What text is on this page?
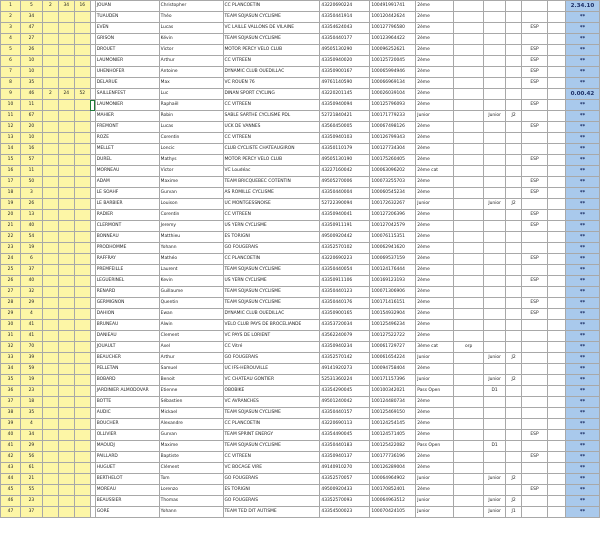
1	5	2	34	16		JOUAN	Christopher	CC PLANCOETIN	43220690224	100491991741	2ème						2.34.10
2	34					TUAUDEN	Théo	TEAM SOJASUN CYCLISME	43350441914	100120442624	2ème						**
3	47					EVEN	Lucas	VC LAILLE VALLONS DE VILAINE	43354624043	100127796580	2ème				ESP		**
4	27					GRISON	Kévin	TEAM SOJASUN CYCLISME	43350440177	100123964422	2ème						**
5	26					DROUET	Victor	MOTOR PERCY VELO CLUB	49505130290	100096252621	2ème				ESP		**
6	10					LAUMONIER	Arthur	CC VITREEN	43350940020	100125720045	2ème				ESP		**
7	10					UHENHOFER	Antoine	DYNAMIC CLUB OUEDILLAC	43350900167	100065994946	2ème				ESP		**
8	35					DELARUE	Max	VC ROUEN 76	49761140590	100066969134	2ème				ESP		**
9	46	2	24	52		SAILLENFEST	Luc	DINAN SPORT CYCLING	43220201145	100026039104	2ème						0.00.42
10	11					LAUMONIER	Raphaël	CC VITREEN	43350940094	100125796093	2ème				ESP		**
11	67					MAHIER	Robin	SABLE SARTHE CYCLISME PDL	52721840421	100171779233	Junior		Junior	J2			**
12	20					FREMONT	Lucas	UCK DE VANNES	43560450005	100067498126	2ème				ESP		**
13	10					ROZE	Corentin	CC VITREEN	43350940103	100126799343	2ème						**
14	16					MELLET	Loncic	CLUB CYCLISTE CHATEAUGIRON	43350110179	100127734304	2ème						**
15	57					DUREL	Mathys	MOTOR PERCY VELO CLUB	49505130190	100175260405	2ème				ESP		**
16	11					MORNEAU	Victor	VC Loudéac	43227160042	100063096202	2ème cat						**
17	50					ADAM	Maxime	TEAM BRICQUEBEC COTENTIN	49505270006	100073255703	2ème				ESP		**
18	3					LE SOAHF	Gurvan	AS ROMILLE CYCLISME	43350440004	100060545234	2ème				ESP		**
19	26					LE BARBIER	Louison	UC MONTGESSNOISE	52722390094	100172632267	Junior		Junior	J2			**
20	13					RADIER	Corentin	CC VITREEN	43350940041	100127206396	2ème				ESP		**
21	40					CLERMONT	Jeremy	US YERN CYCLISME	43350911191	100127042579	2ème				ESP		**
22	54					BONNEAU	Matthieu	ES TORIGNI	49500920442	100076115351	2ème						**
23	19					PRODHOMME	Yohann	GO FOUGERAIS	43352570102	100062941620	2ème						**
24	6					RAFFRAY	Mathéo	CC PLANCOETIN	43220690223	100069537159	2ème				ESP		**
25	37					PREMFEILLE	Laurent	TEAM SOJASUN CYCLISME	43350440054	100124176444	2ème						**
26	40					LEGUERINEL	Kevin	US YERN CYCLISME	43350911106	100169123193	2ème				ESP		**
27	32					RENARD	Guillaume	TEAM SOJASUN CYCLISME	43350440123	100071306906	2ème						**
28	29					GERMIGNON	Quentin	TEAM SOJASUN CYCLISME	43350440176	100171416151	2ème				ESP		**
29	4					DAHION	Ewan	DYNAMIC CLUB OUEDILLAC	43350900165	100154932904	2ème				ESP		**
30	41					BRUNEAU	Alwin	VELO CLUB PAYS DE BROCELIANDE	43353720034	100125496234	2ème						**
31	41					DANIEAU	Clement	VC PAYS DE LORIENT	43562240079	100127522722	2ème						**
32	70					JOUAULT	Axel	CC Vitré	43350940234	100061729727	3ème cat	orp					**
33	39					BEAUCHER	Arthur	GO FOUGERAIS	43352570142	100061654224	Junior		Junior	J2			**
34	59					PELLETAN	Samuel	UC IFS-HEROUVILLE	49141920273	100094758404	2ème						**
35	19					BOBARD	Benoit	VC CHATEAU GONTIER	52531360224	100171157396	Junior		Junior	J2			**
36	23					JARDINIER ALMODOVAR	Etienne	OBOBIKE	43354290045	100100342021	Pass Open		D1				**
37	18					BOTTE	Sébastien	VC AVRANCHES	49501240042	100124480734	2ème						**
38	35					AUDIC	Mickael	TEAM SOJASUN CYCLISME	43350440157	100125469150	2ème						**
39	4					BOUCHER	Alexandre	CC PLANCOETIN	43220690113	100124254145	2ème						**
40	34					OLLIVIER	Gurvan	TEAM SPRINT ENERGY	43354490045	100124571405	2ème				ESP		**
41	29					MAOUDJ	Maxime	TEAM SOJASUN CYCLISME	43350440183	100125422082	Pass Open		D1				**
42	56					PAILLARD	Baptiste	CC VITREEN	43350940137	100177736196	2ème				ESP		**
43	61					HUGUET	Clément	VC BOCAGE VIRE	49140910270	100126289004	2ème						**
44	21					BERTHELOT	Tom	GO FOUGERAIS	43352570057	100064964902	Junior		Junior	J2			**
45	55					MOREAU	Lorenzo	ES TORIGNI	49500920433	100170852401	2ème				ESP		**
46	23					BEAUSSIER	Thomas	GO FOUGERAIS	43352570093	100064963512	Junior		Junior	J2			**
47	37					GORE	Yohann	TEAM TED DIT AUTISME	43354500023	100070424105	Junior		Junior	J1			**
